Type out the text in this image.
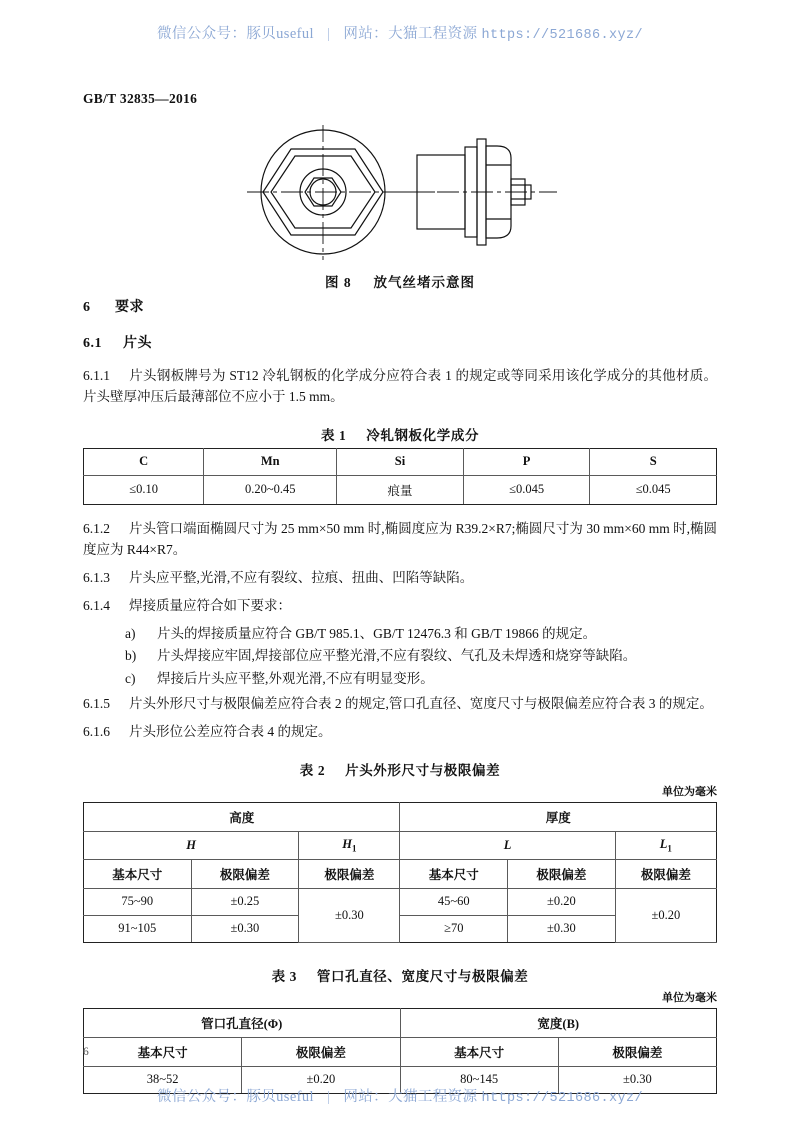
微信公众号：豚贝useful | 网站：大猫工程资源 https://521686.xyz/
GB/T 32835—2016
图 8 放气丝堵示意图
6 要求
6.1 片头

6.1.1 片头钢板牌号为 ST12 冷轧钢板的化学成分应符合表 1 的规定或等同采用该化学成分的其他材质。片头壁厚冲压后最薄部位不应小于 1.5 mm。

表 1 冷轧钢板化学成分
C	Mn	Si	P	S
≤0.10	0.20~0.45	痕量	≤0.045	≤0.045

6.1.2 片头管口端面椭圆尺寸为 25 mm×50 mm 时,椭圆度应为 R39.2×R7;椭圆尺寸为 30 mm×60 mm 时,椭圆度应为 R44×R7。

6.1.3 片头应平整,光滑,不应有裂纹、拉痕、扭曲、凹陷等缺陷。

6.1.4 焊接质量应符合如下要求：

a) 片头的焊接质量应符合 GB/T 985.1、GB/T 12476.3 和 GB/T 19866 的规定。
b) 片头焊接应牢固,焊接部位应平整光滑,不应有裂纹、气孔及未焊透和烧穿等缺陷。
c) 焊接后片头应平整,外观光滑,不应有明显变形。

6.1.5 片头外形尺寸与极限偏差应符合表 2 的规定,管口孔直径、宽度尺寸与极限偏差应符合表 3 的规定。

6.1.6 片头形位公差应符合表 4 的规定。

表 2 片头外形尺寸与极限偏差
单位为毫米
高度			厚度		
H		$H_1$	L		$L_1$
基本尺寸	极限偏差	极限偏差	基本尺寸	极限偏差	极限偏差
75~90	±0.25	±0.30	45~60	±0.20	±0.20
91~105	±0.30		≥70	±0.30	
表 3 管口孔直径、宽度尺寸与极限偏差
单位为毫米
管口孔直径(Φ)		宽度(B)	
基本尺寸	极限偏差	基本尺寸	极限偏差
38~52	±0.20	80~145	±0.30
6
微信公众号：豚贝useful | 网站：大猫工程资源 https://521686.xyz/
